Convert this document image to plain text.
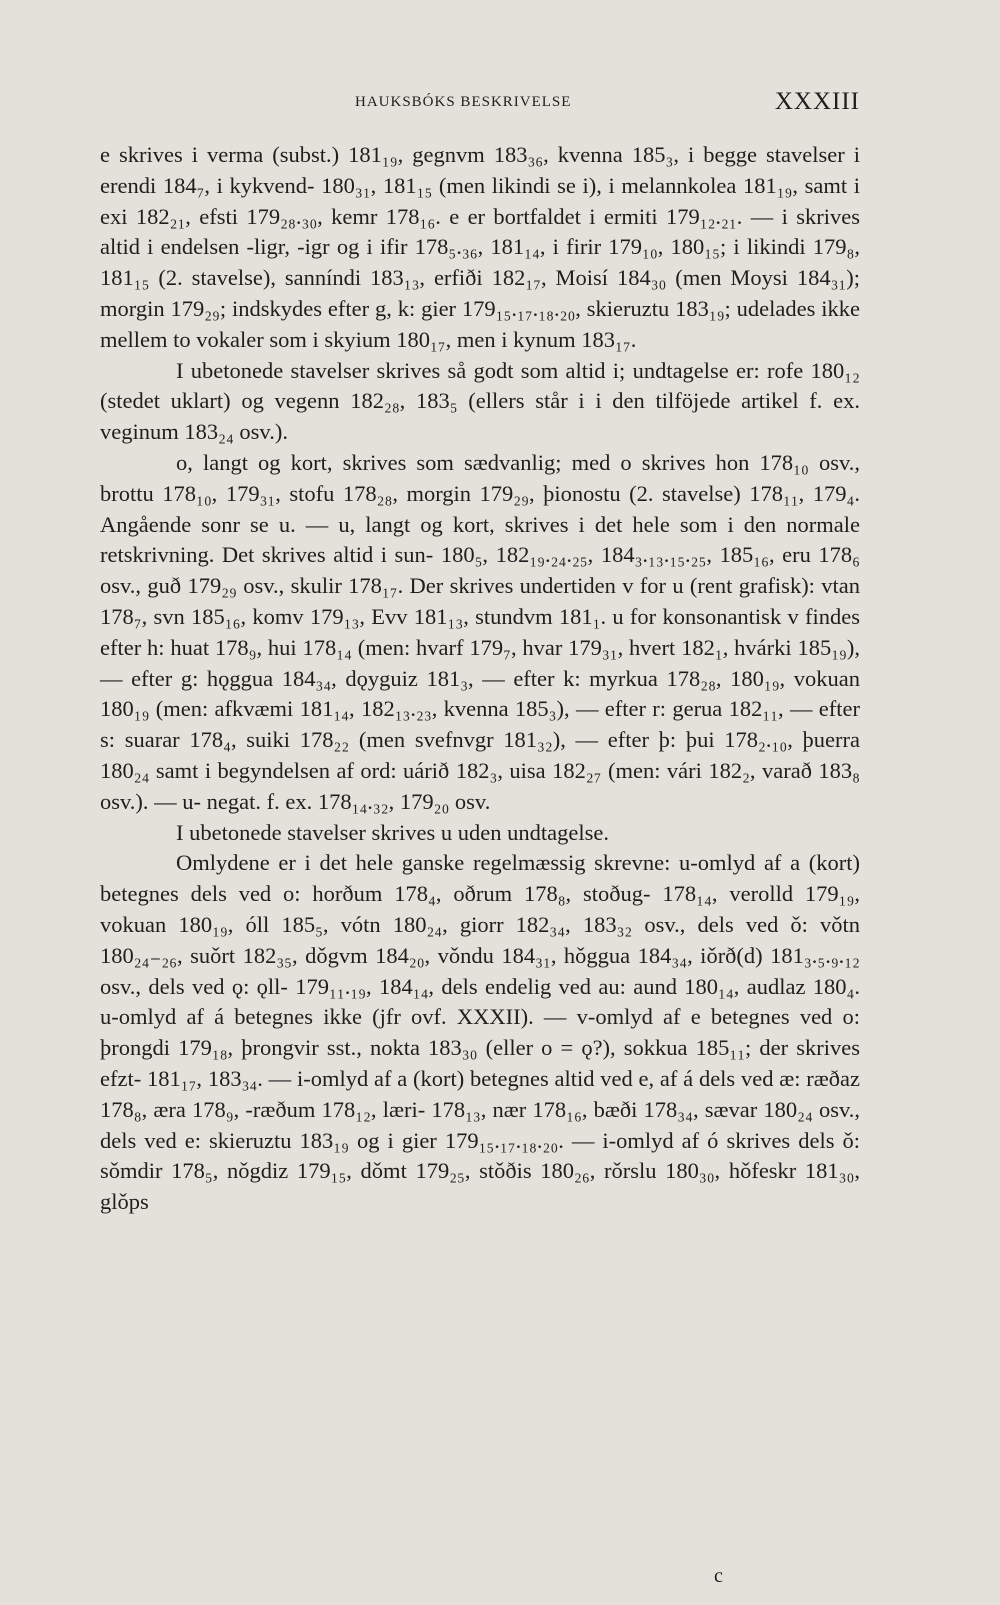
HAUKSBÓKS BESKRIVELSE	XXXIII

e skrives i verma (subst.) 181₁₉, gegnvm 183₃₆, kvenna 185₃, i begge stavelser i erendi 184₇, i kykvend- 180₃₁, 181₁₅ (men likindi se i), i melannkolea 181₁₉, samt i exi 182₂₁, efsti 179₂₈.₃₀, kemr 178₁₆. e er bortfaldet i ermiti 179₁₂.₂₁. — i skrives altid i endelsen -ligr, -igr og i ifir 178₅.₃₆, 181₁₄, i firir 179₁₀, 180₁₅; i likindi 179₈, 181₁₅ (2. stavelse), sanníndi 183₁₃, erfiði 182₁₇, Moisí 184₃₀ (men Moysi 184₃₁); morgin 179₂₉; indskydes efter g, k: gier 179₁₅.₁₇.₁₈.₂₀, skieruztu 183₁₉; udelades ikke mellem to vokaler som i skyium 180₁₇, men i kynum 183₁₇.

I ubetonede stavelser skrives så godt som altid i; undtagelse er: rofe 180₁₂ (stedet uklart) og vegenn 182₂₈, 183₅ (ellers står i i den tilföjede artikel f. ex. veginum 183₂₄ osv.).

o, langt og kort, skrives som sædvanlig; med o skrives hon 178₁₀ osv., brottu 178₁₀, 179₃₁, stofu 178₂₈, morgin 179₂₉, þionostu (2. stavelse) 178₁₁, 179₄. Angående sonr se u. — u, langt og kort, skrives i det hele som i den normale retskrivning. Det skrives altid i sun- 180₅, 182₁₉.₂₄.₂₅, 184₃.₁₃.₁₅.₂₅, 185₁₆, eru 178₆ osv., guð 179₂₉ osv., skulir 178₁₇. Der skrives undertiden v for u (rent grafisk): vtan 178₇, svn 185₁₆, komv 179₁₃, Evv 181₁₃, stundvm 181₁. u for konsonantisk v findes efter h: huat 178₉, hui 178₁₄ (men: hvarf 179₇, hvar 179₃₁, hvert 182₁, hvárki 185₁₉), — efter g: hǫggua 184₃₄, dǫyguiz 181₃, — efter k: myrkua 178₂₈, 180₁₉, vokuan 180₁₉ (men: afkvæmi 181₁₄, 182₁₃.₂₃, kvenna 185₃), — efter r: gerua 182₁₁, — efter s: suarar 178₄, suiki 178₂₂ (men svefnvgr 181₃₂), — efter þ: þui 178₂.₁₀, þuerra 180₂₄ samt i begyndelsen af ord: uárið 182₃, uisa 182₂₇ (men: vári 182₂, varað 183₈ osv.). — u- negat. f. ex. 178₁₄.₃₂, 179₂₀ osv.

I ubetonede stavelser skrives u uden undtagelse.

Omlydene er i det hele ganske regelmæssig skrevne: u-omlyd af a (kort) betegnes dels ved o: horðum 178₄, oðrum 178₈, stoðug- 178₁₄, verolld 179₁₉, vokuan 180₁₉, óll 185₅, vótn 180₂₄, giorr 182₃₄, 183₃₂ osv., dels ved ǒ: vǒtn 180₂₄₋₂₆, suǒrt 182₃₅, dǒgvm 184₂₀, vǒndu 184₃₁, hǒggua 184₃₄, iǒrð(d) 181₃.₅.₉.₁₂ osv., dels ved ǫ: ǫll- 179₁₁.₁₉, 184₁₄, dels endelig ved au: aund 180₁₄, audlaz 180₄. u-omlyd af á betegnes ikke (jfr ovf. XXXII). — v-omlyd af e betegnes ved o: þrongdi 179₁₈, þrongvir sst., nokta 183₃₀ (eller o = ǫ?), sokkua 185₁₁; der skrives efzt- 181₁₇, 183₃₄. — i-omlyd af a (kort) betegnes altid ved e, af á dels ved æ: ræðaz 178₈, æra 178₉, -ræðum 178₁₂, læri- 178₁₃, nær 178₁₆, bæði 178₃₄, sævar 180₂₄ osv., dels ved e: skieruztu 183₁₉ og i gier 179₁₅.₁₇.₁₈.₂₀. — i-omlyd af ó skrives dels ǒ: sǒmdir 178₅, nǒgdiz 179₁₅, dǒmt 179₂₅, stǒðis 180₂₆, rǒrslu 180₃₀, hǒfeskr 181₃₀, glǒps

c
